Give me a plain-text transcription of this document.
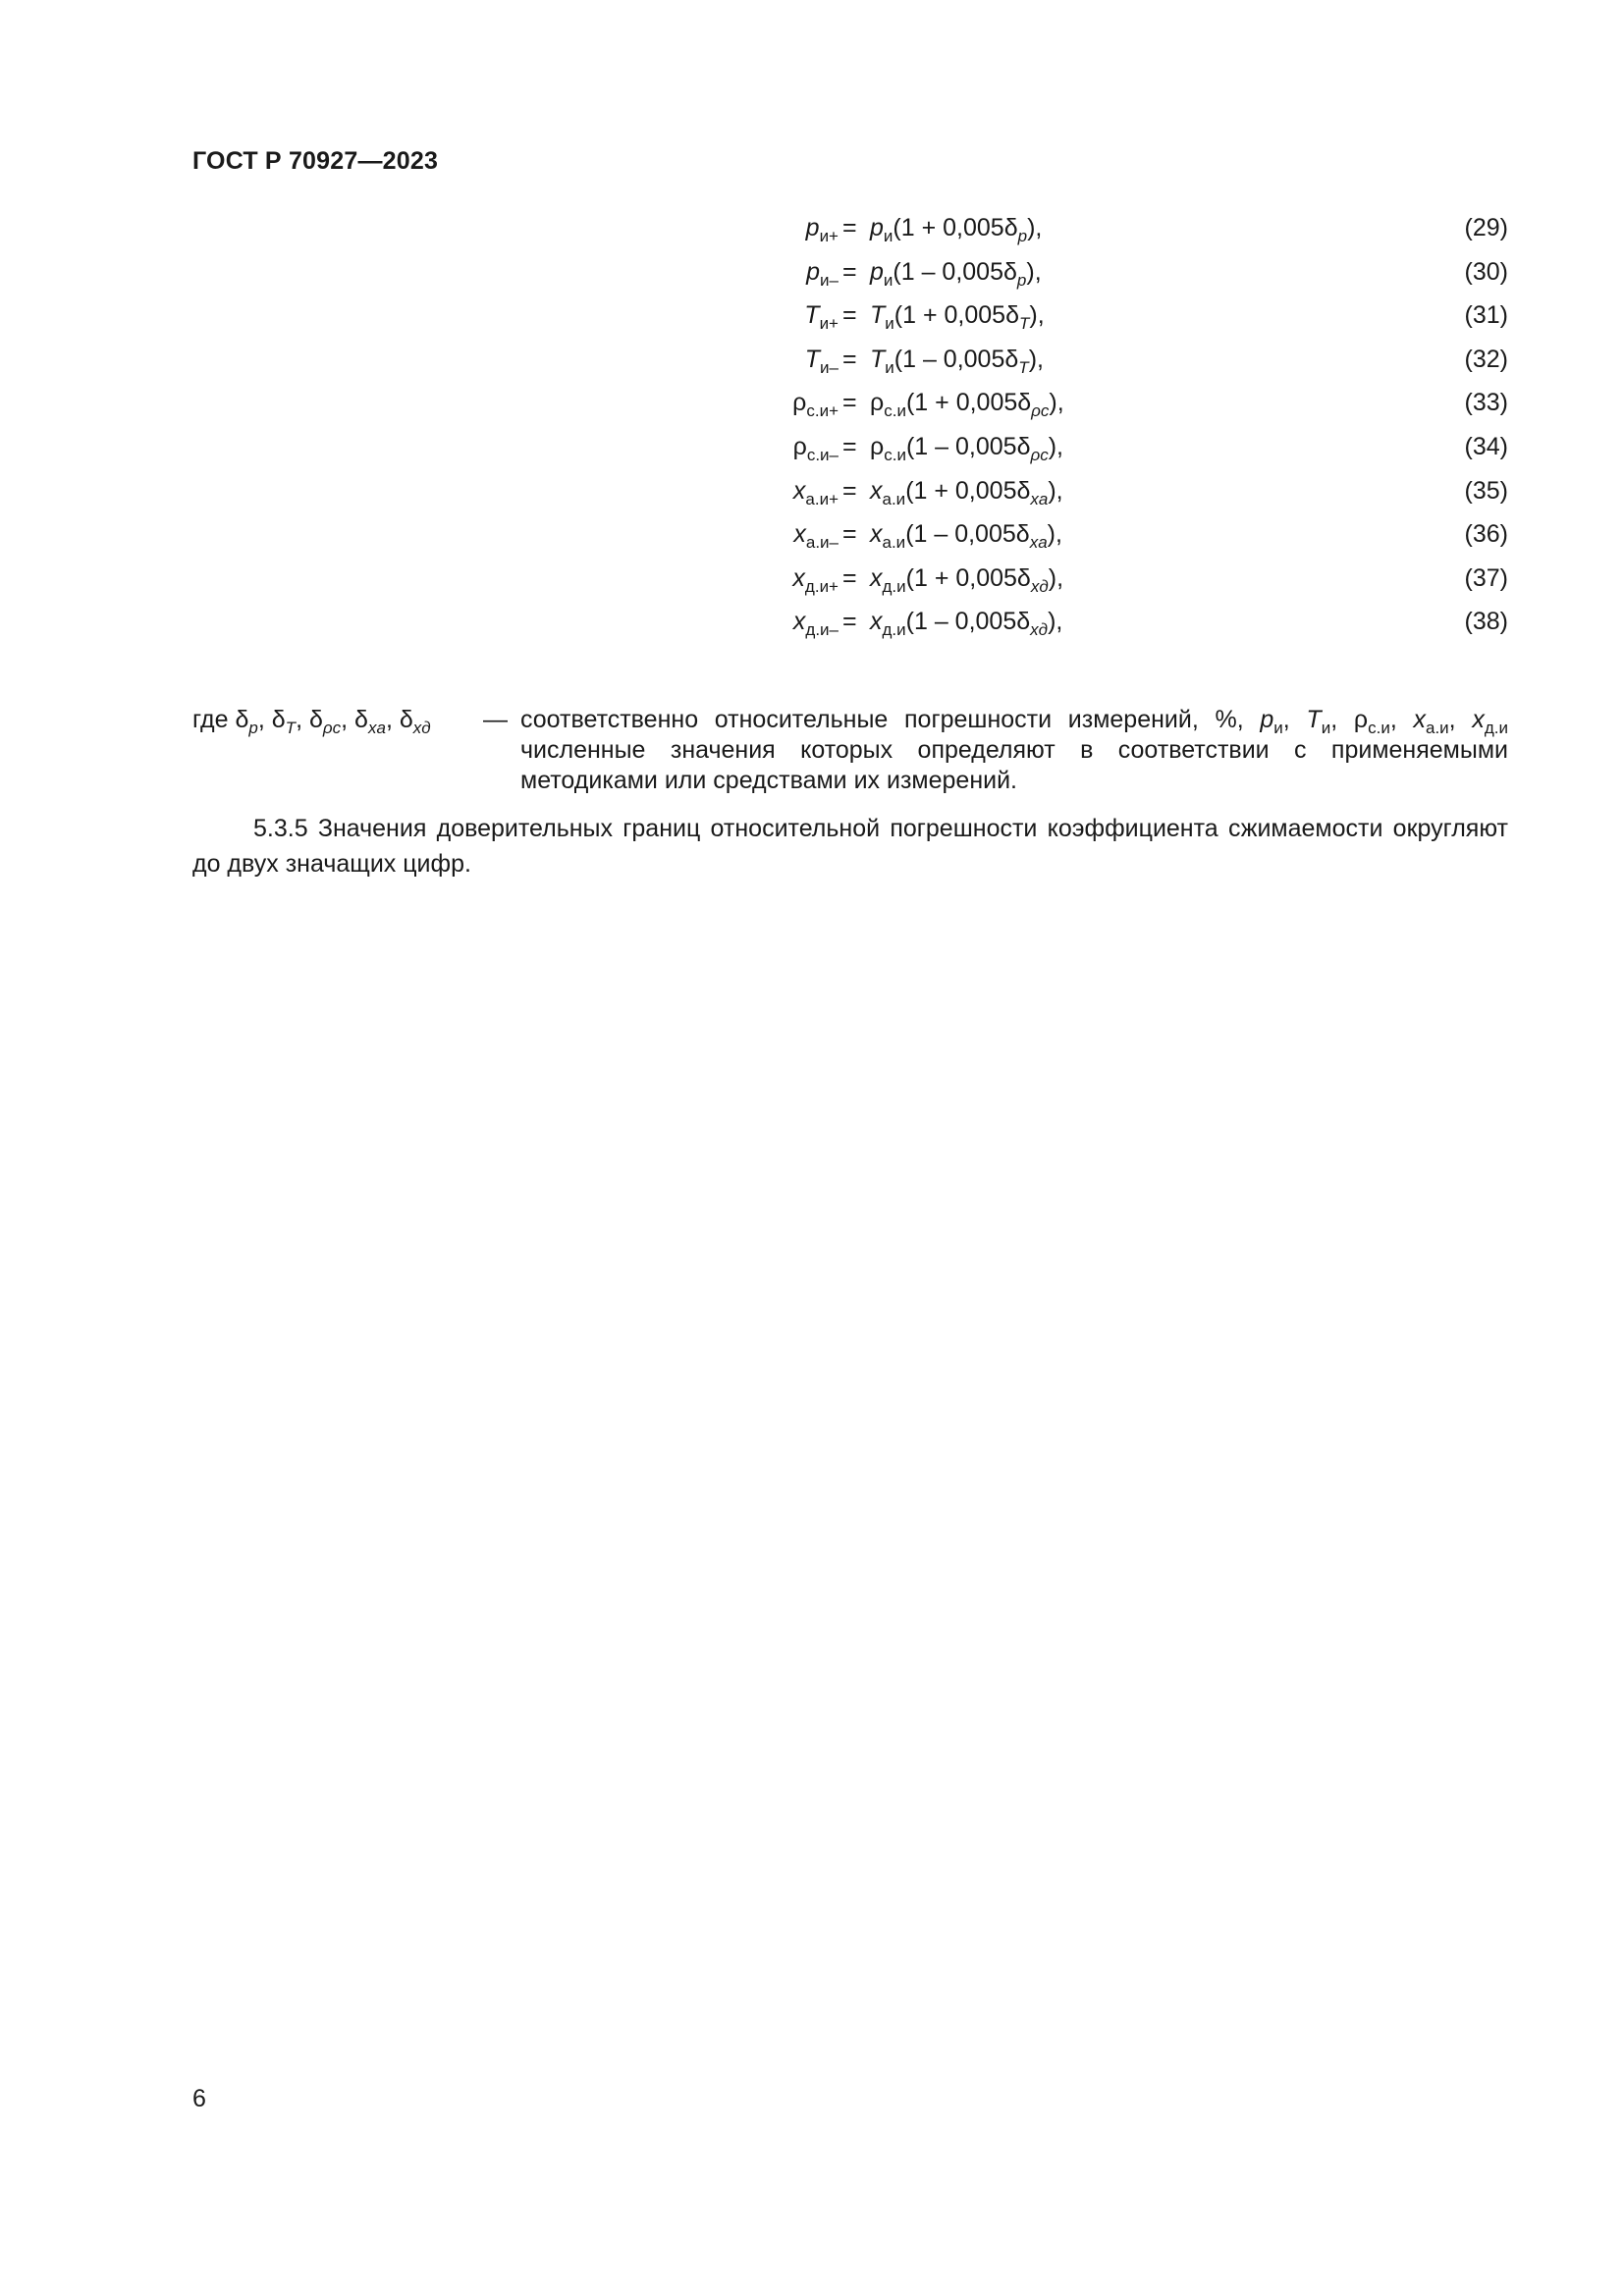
ГОСТ Р 70927—2023
$p_{и+} = p_и(1 + 0,005\delta_p)$,	(29)
$p_{и-} = p_и(1 - 0,005\delta_p)$,	(30)
$T_{и+} = T_и(1 + 0,005\delta_T)$,	(31)
$T_{и-} = T_и(1 - 0,005\delta_T)$,	(32)
$\rho_{с.и+} = \rho_{с.и}(1 + 0,005\delta_{\rho с})$,	(33)
$\rho_{с.и-} = \rho_{с.и}(1 - 0,005\delta_{\rho с})$,	(34)
$x_{а.и+} = x_{а.и}(1 + 0,005\delta_{xa})$,	(35)
$x_{а.и-} = x_{а.и}(1 - 0,005\delta_{xa})$,	(36)
$x_{д.и+} = x_{д.и}(1 + 0,005\delta_{xд})$,	(37)
$x_{д.и-} = x_{д.и}(1 - 0,005\delta_{xд})$,	(38)
где $\delta_p$, $\delta_T$, $\delta_{\rho c}$, $\delta_{xa}$, $\delta_{xд}$ — соответственно относительные погрешности измерений, %, $p_и$, $T_и$, $\rho_{с.и}$, $x_{а.и}$, $x_{д.и}$ численные значения которых определяют в соответствии с применяемыми методиками или средствами их измерений.
5.3.5 Значения доверительных границ относительной погрешности коэффициента сжимаемости округляют до двух значащих цифр.
6
